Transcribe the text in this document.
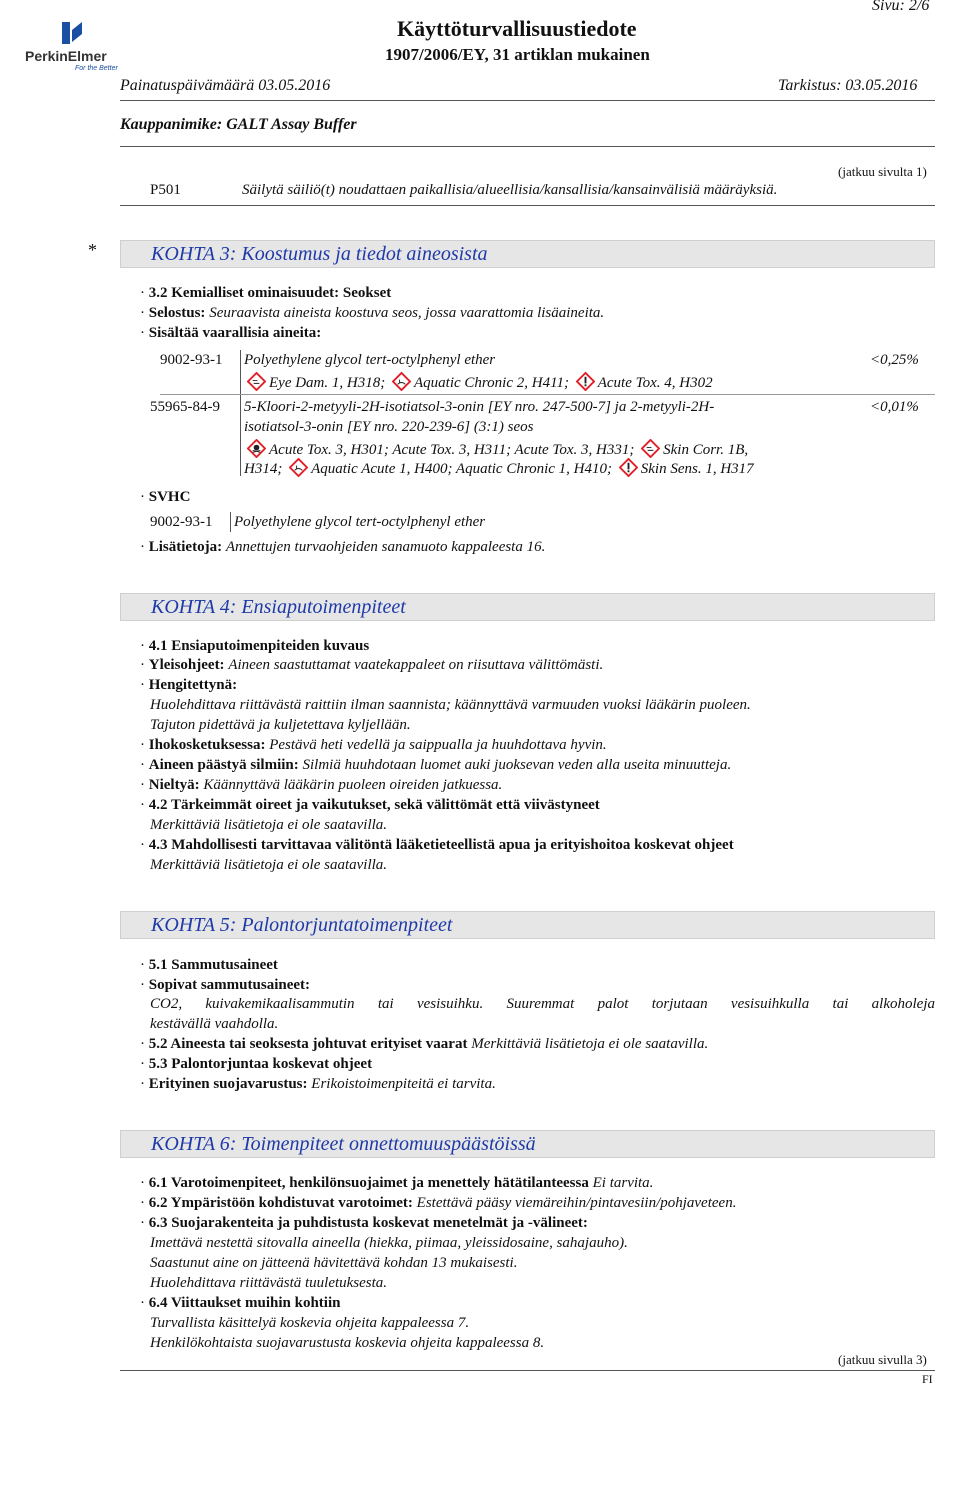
PerkinElmer
For the Better
Käyttöturvallisuustiedote
1907/2006/EY, 31 artiklan mukainen
Sivu: 2/6
Painatuspäivämäärä 03.05.2016	Tarkistus: 03.05.2016
Kauppanimike: GALT Assay Buffer
(jatkuu sivulta 1)
P501	Säilytä säiliö(t) noudattaen paikallisia/alueellisia/kansallisia/kansainvälisiä määräyksiä.
*	KOHTA 3: Koostumus ja tiedot aineosista
· 3.2 Kemialliset ominaisuudet: Seokset
· Selostus: Seuraavista aineista koostuva seos, jossa vaarattomia lisäaineita.
· Sisältää vaarallisia aineita:
9002-93-1 Polyethylene glycol tert-octylphenyl ether	<0,25%
Eye Dam. 1, H318; Aquatic Chronic 2, H411; Acute Tox. 4, H302
55965-84-9 5-Kloori-2-metyyli-2H-isotiatsol-3-onin [EY nro. 247-500-7] ja 2-metyyli-2H-
isotiatsol-3-onin [EY nro. 220-239-6] (3:1) seos
<0,01%
Acute Tox. 3, H301; Acute Tox. 3, H311; Acute Tox. 3, H331; Skin Corr. 1B,
H314; Aquatic Acute 1, H400; Aquatic Chronic 1, H410; Skin Sens. 1, H317
· SVHC
9002-93-1 Polyethylene glycol tert-octylphenyl ether
· Lisätietoja: Annettujen turvaohjeiden sanamuoto kappaleesta 16.
KOHTA 4: Ensiaputoimenpiteet
· 4.1 Ensiaputoimenpiteiden kuvaus
· Yleisohjeet: Aineen saastuttamat vaatekappaleet on riisuttava välittömästi.
· Hengitettynä:
Huolehdittava riittävästä raittiin ilman saannista; käännyttävä varmuuden vuoksi lääkärin puoleen.
Tajuton pidettävä ja kuljetettava kyljellään.
· Ihokosketuksessa: Pestävä heti vedellä ja saippualla ja huuhdottava hyvin.
· Aineen päästyä silmiin: Silmiä huuhdotaan luomet auki juoksevan veden alla useita minuutteja.
· Nieltyä: Käännyttävä lääkärin puoleen oireiden jatkuessa.
· 4.2 Tärkeimmät oireet ja vaikutukset, sekä välittömät että viivästyneet
Merkittäviä lisätietoja ei ole saatavilla.
· 4.3 Mahdollisesti tarvittavaa välitöntä lääketieteellistä apua ja erityishoitoa koskevat ohjeet
Merkittäviä lisätietoja ei ole saatavilla.
KOHTA 5: Palontorjuntatoimenpiteet
· 5.1 Sammutusaineet
· Sopivat sammutusaineet:
CO2, kuivakemikaalisammutin tai vesisuihku. Suuremmat palot torjutaan vesisuihkulla tai alkoholeja
kestävällä vaahdolla.
· 5.2 Aineesta tai seoksesta johtuvat erityiset vaarat Merkittäviä lisätietoja ei ole saatavilla.
· 5.3 Palontorjuntaa koskevat ohjeet
· Erityinen suojavarustus: Erikoistoimenpiteitä ei tarvita.
KOHTA 6: Toimenpiteet onnettomuuspäästöissä
· 6.1 Varotoimenpiteet, henkilönsuojaimet ja menettely hätätilanteessa Ei tarvita.
· 6.2 Ympäristöön kohdistuvat varotoimet: Estettävä pääsy viemäreihin/pintavesiin/pohjaveteen.
· 6.3 Suojarakenteita ja puhdistusta koskevat menetelmät ja -välineet:
Imettävä nestettä sitovalla aineella (hiekka, piimaa, yleissidosaine, sahajauho).
Saastunut aine on jätteenä hävitettävä kohdan 13 mukaisesti.
Huolehdittava riittävästä tuuletuksesta.
· 6.4 Viittaukset muihin kohtiin
Turvallista käsittelyä koskevia ohjeita kappaleessa 7.
Henkilökohtaista suojavarustusta koskevia ohjeita kappaleessa 8.
(jatkuu sivulla 3)
FI
